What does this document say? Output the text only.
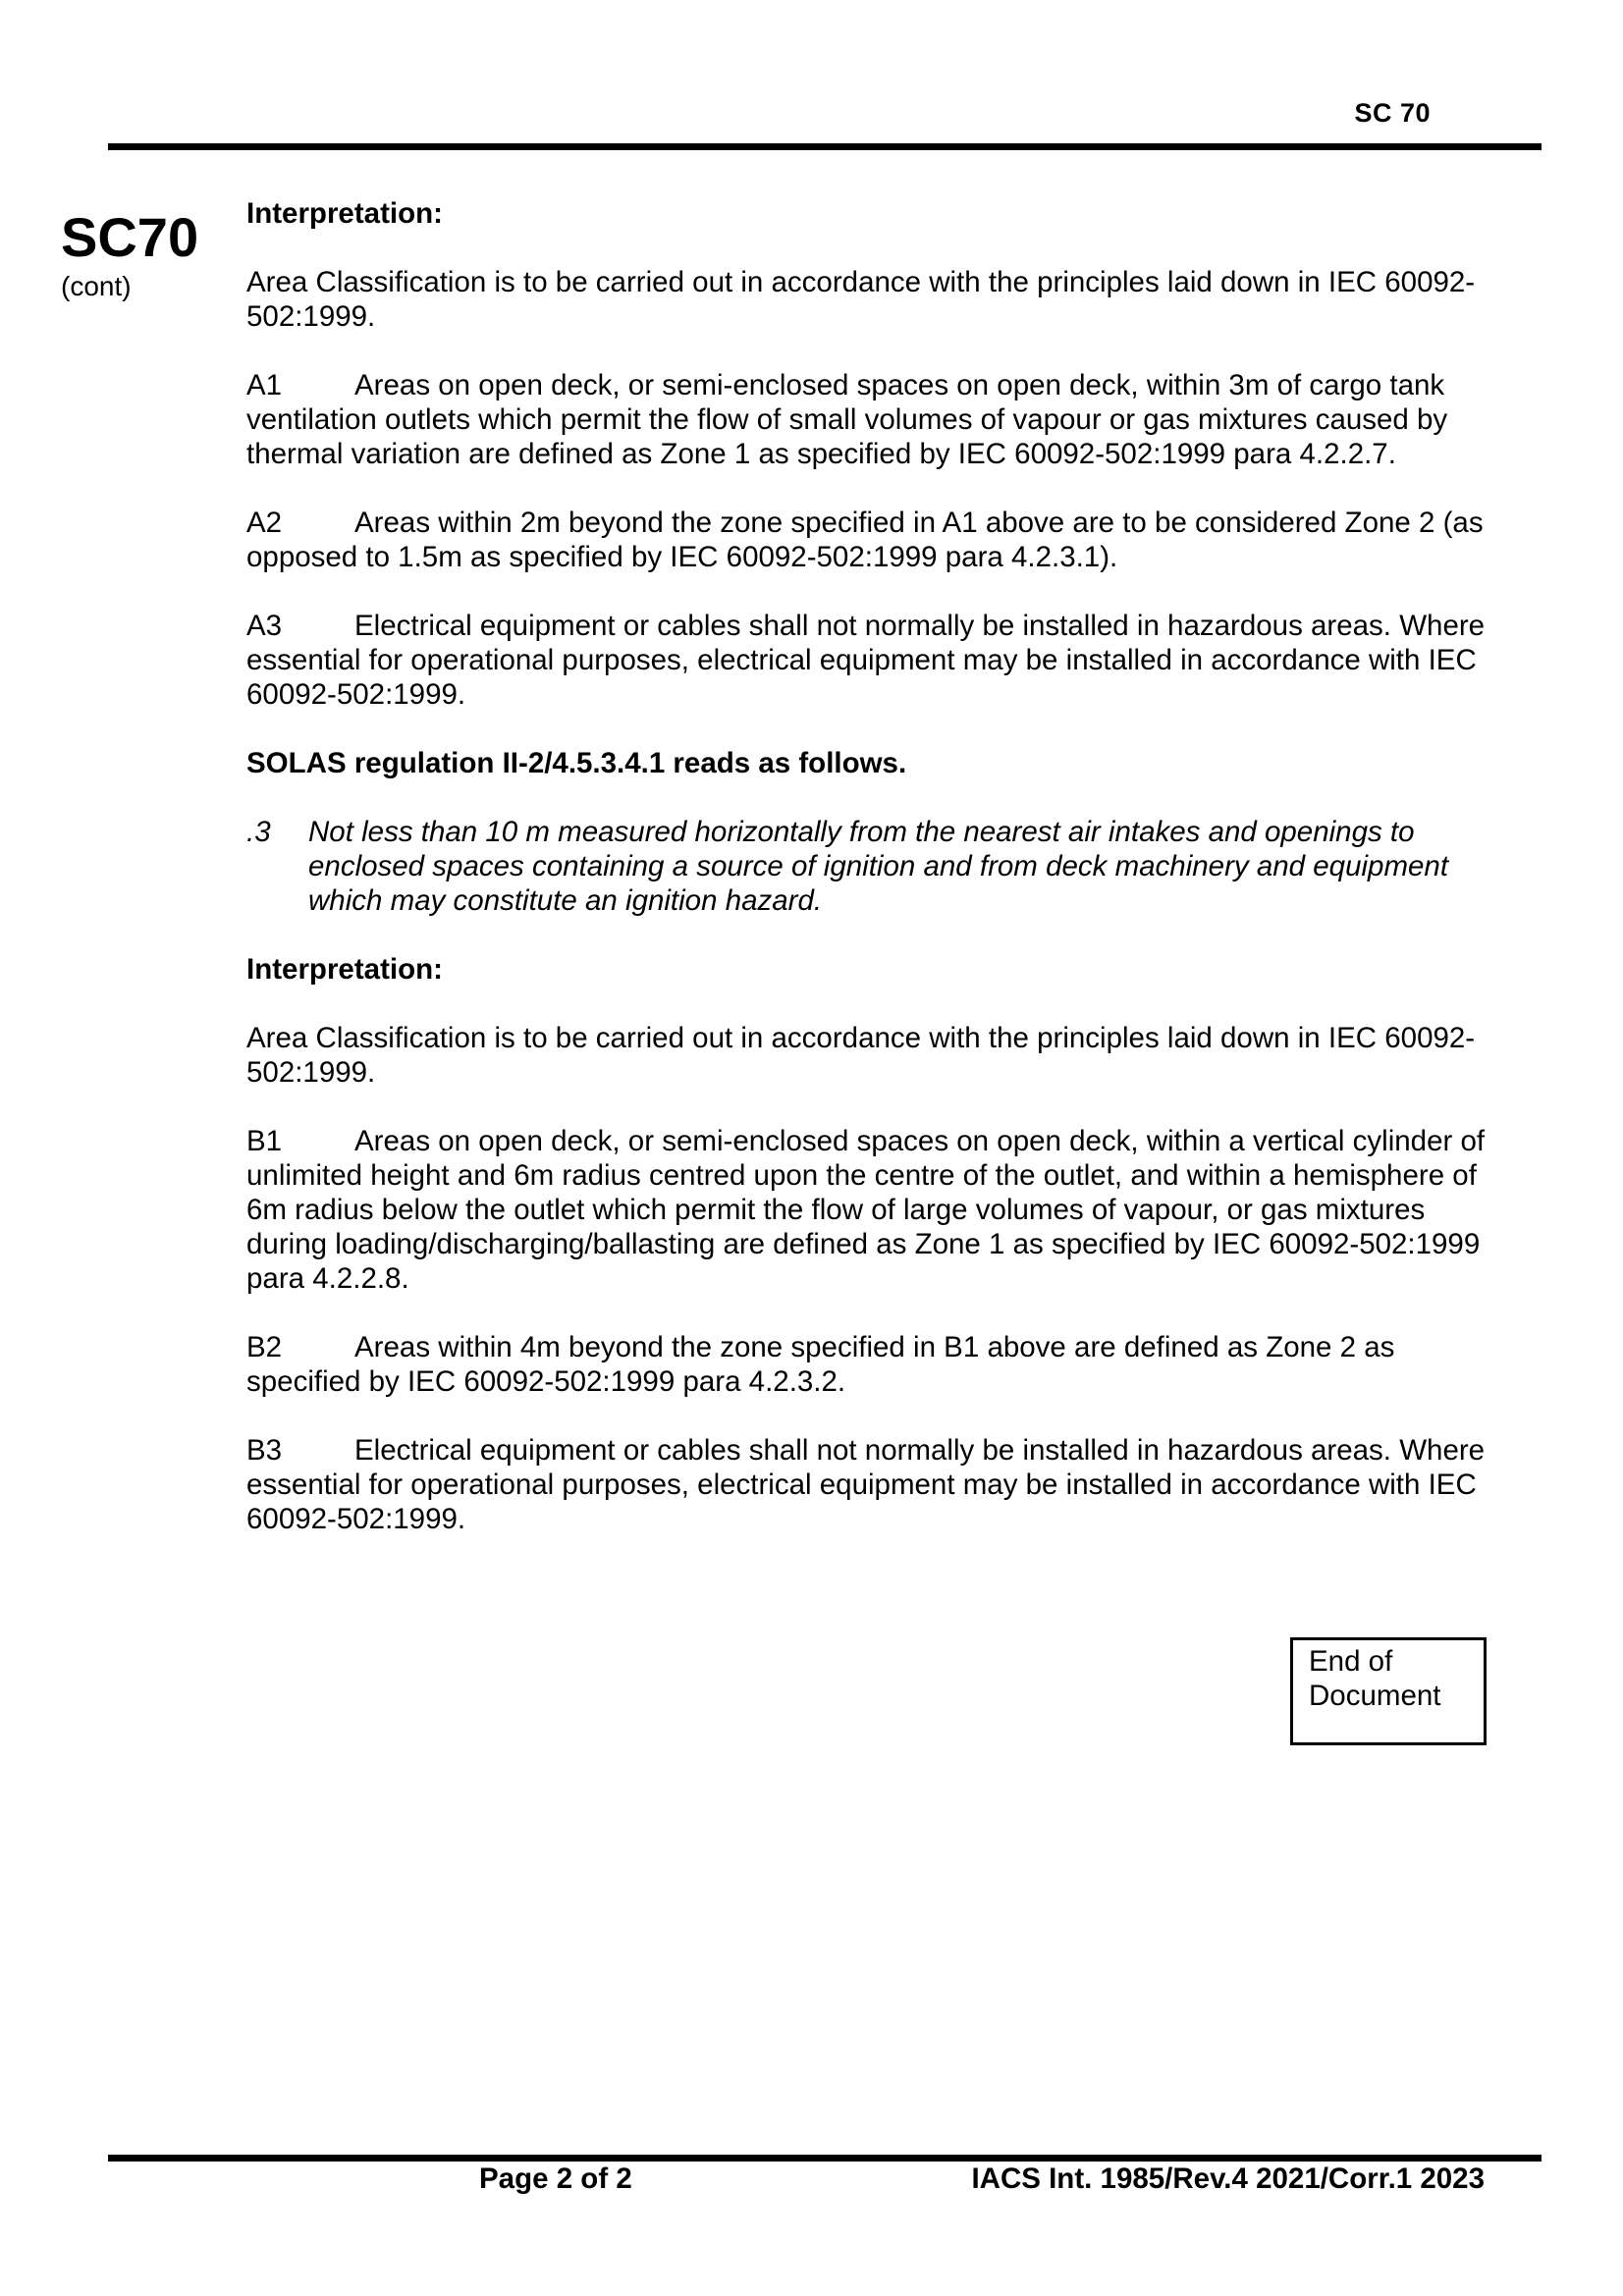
SC 70
SC70
(cont)

Interpretation:

Area Classification is to be carried out in accordance with the principles laid down in IEC 60092-502:1999.

A1	Areas on open deck, or semi-enclosed spaces on open deck, within 3m of cargo tank ventilation outlets which permit the flow of small volumes of vapour or gas mixtures caused by thermal variation are defined as Zone 1 as specified by IEC 60092-502:1999 para 4.2.2.7.

A2	Areas within 2m beyond the zone specified in A1 above are to be considered Zone 2 (as opposed to 1.5m as specified by IEC 60092-502:1999 para 4.2.3.1).

A3	Electrical equipment or cables shall not normally be installed in hazardous areas. Where essential for operational purposes, electrical equipment may be installed in accordance with IEC 60092-502:1999.

SOLAS regulation II-2/4.5.3.4.1 reads as follows.

.3	Not less than 10 m measured horizontally from the nearest air intakes and openings to enclosed spaces containing a source of ignition and from deck machinery and equipment which may constitute an ignition hazard.

Interpretation:

Area Classification is to be carried out in accordance with the principles laid down in IEC 60092-502:1999.

B1	Areas on open deck, or semi-enclosed spaces on open deck, within a vertical cylinder of unlimited height and 6m radius centred upon the centre of the outlet, and within a hemisphere of 6m radius below the outlet which permit the flow of large volumes of vapour, or gas mixtures during loading/discharging/ballasting are defined as Zone 1 as specified by IEC 60092-502:1999 para 4.2.2.8.

B2	Areas within 4m beyond the zone specified in B1 above are defined as Zone 2 as specified by IEC 60092-502:1999 para 4.2.3.2.

B3	Electrical equipment or cables shall not normally be installed in hazardous areas. Where essential for operational purposes, electrical equipment may be installed in accordance with IEC 60092-502:1999.

End of
Document
Page 2 of 2	IACS Int. 1985/Rev.4 2021/Corr.1 2023
